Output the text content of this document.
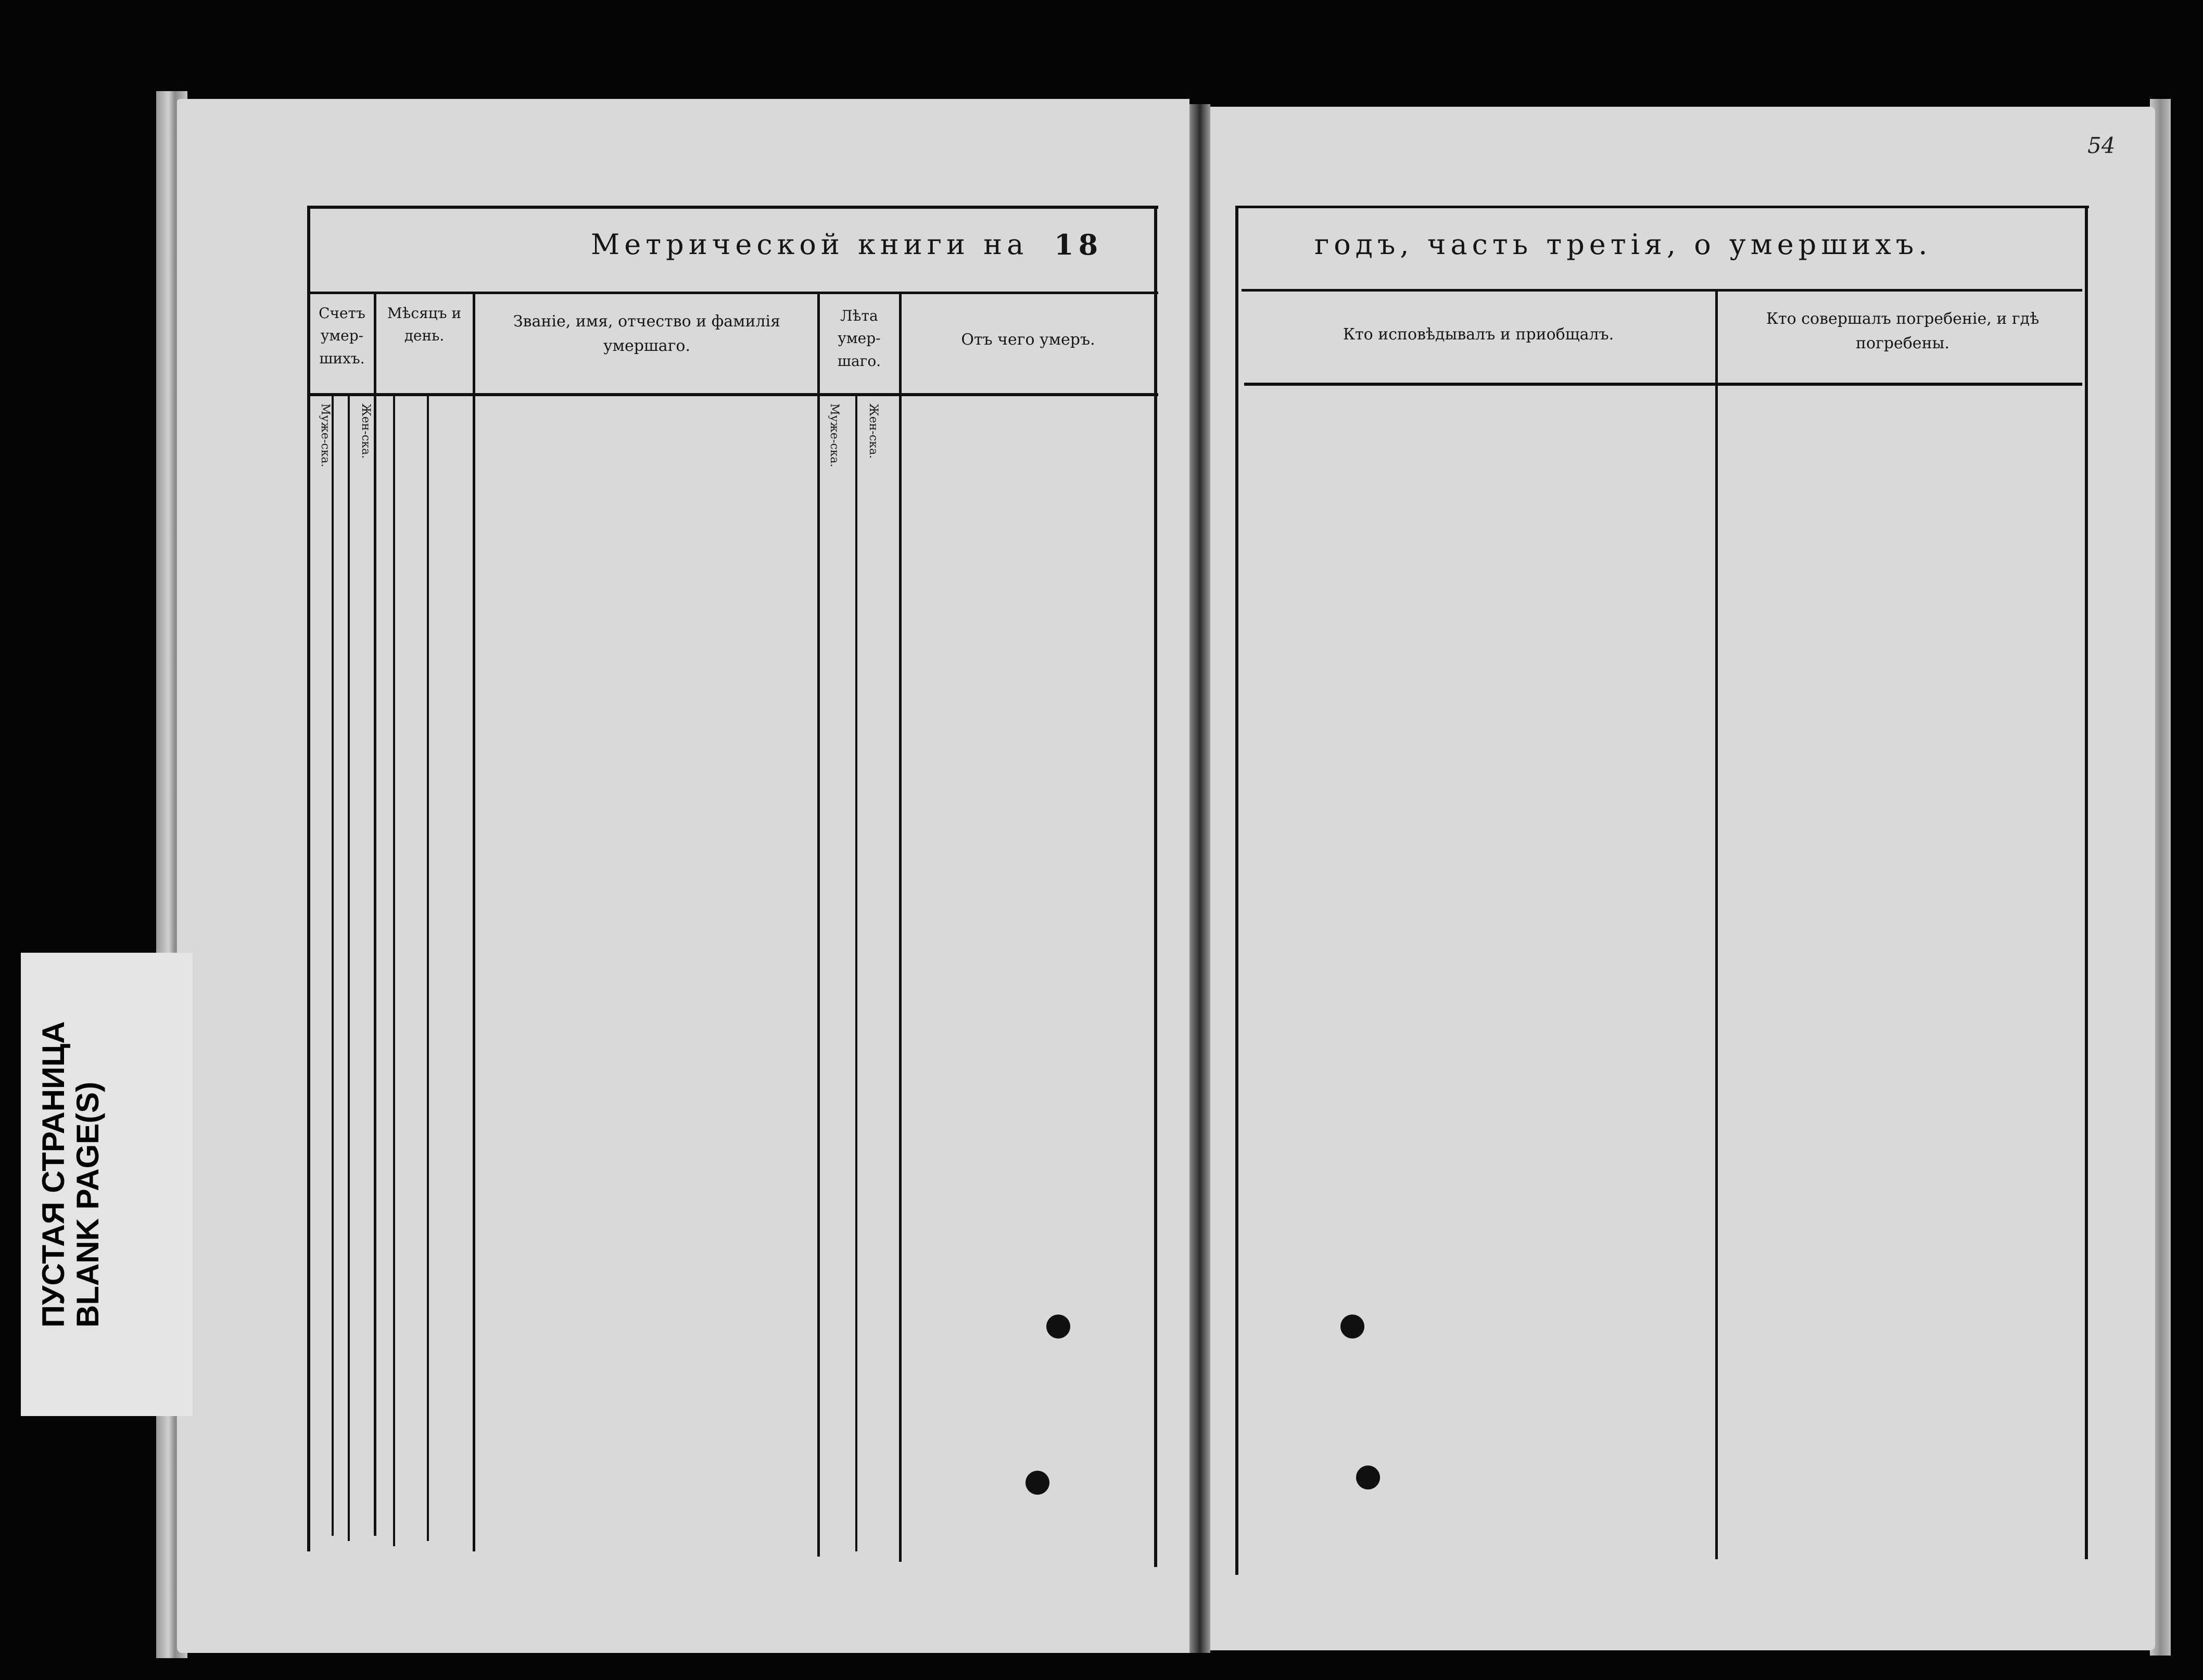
Метрической книги на 18
Счетъ умер-шихъ.
Мѣсяцъ и день.
Званіе, имя, отчество и фамилія умершаго.
Лѣта умер-шаго.
Отъ чего умеръ.
Муже-ска. Жен-ска.	Муже-ска. Жен-ска.
годъ, часть третія, о умершихъ.
54
Кто исповѣдывалъ и приобщалъ.
Кто совершалъ погребеніе, и гдѣ погребены.
ПУСТАЯ СТРАНИЦА BLANK PAGE(S)
